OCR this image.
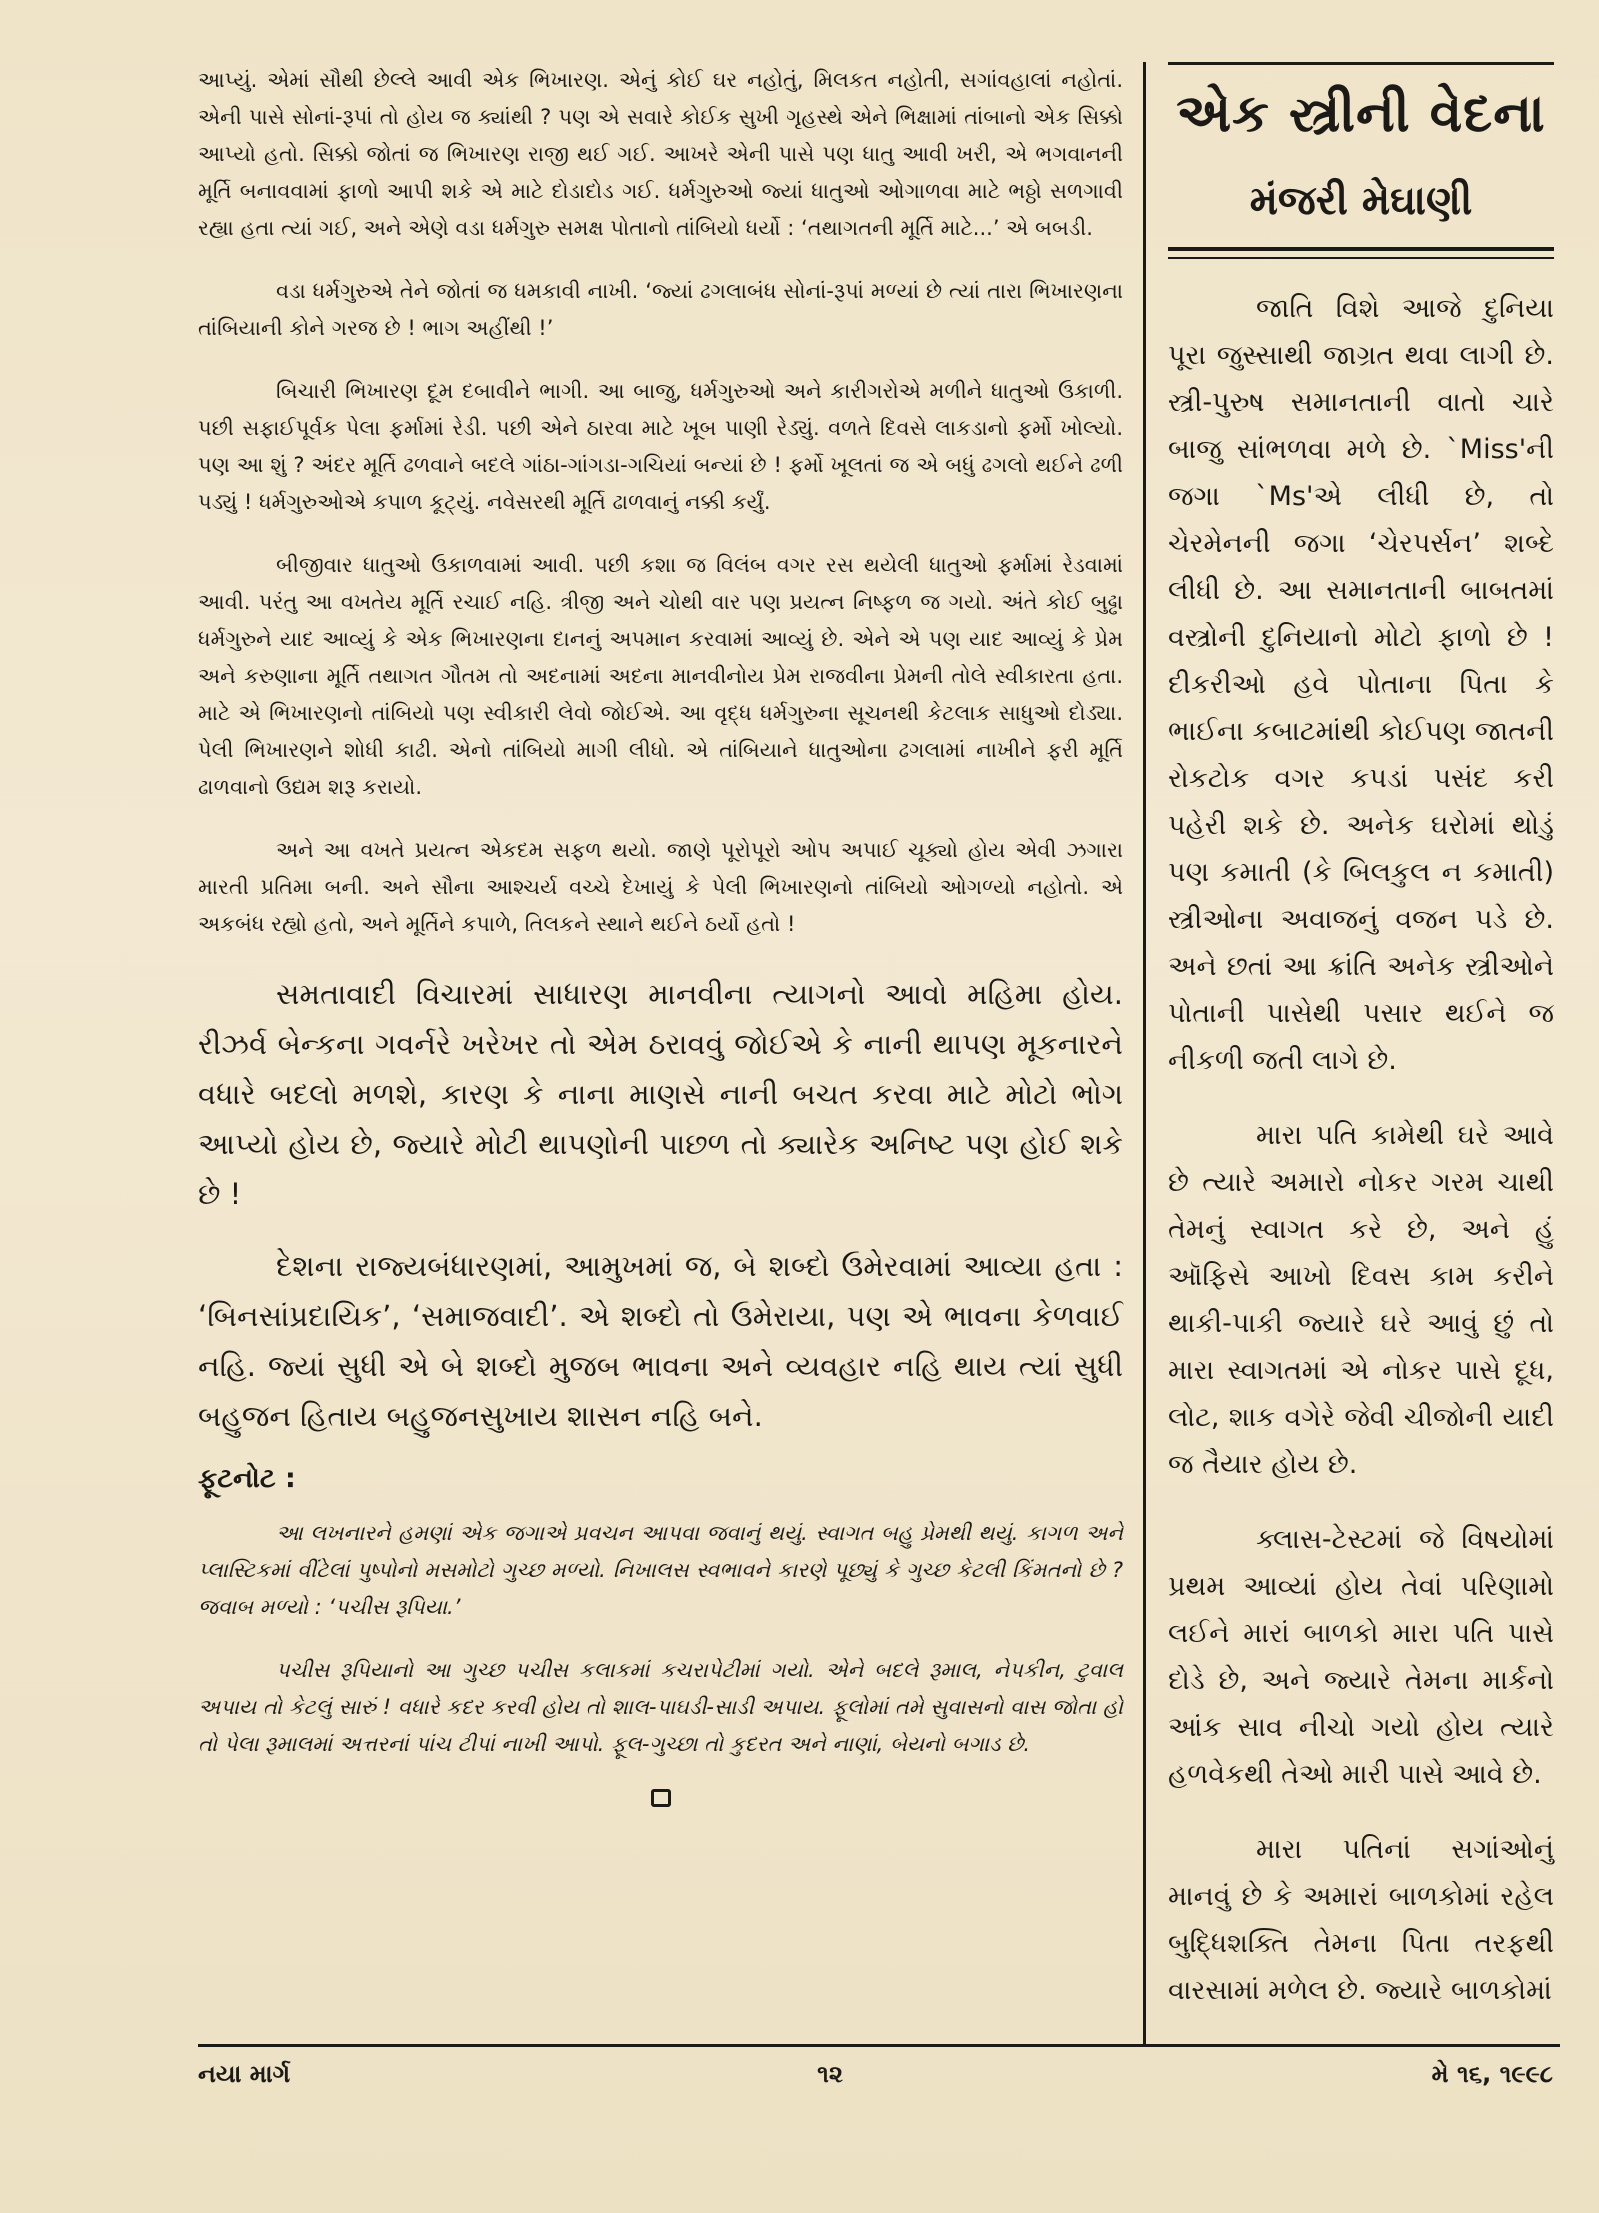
આપ્યું. એમાં સૌથી છેલ્લે આવી એક ભિખારણ. એનું કોઈ ઘર નહોતું, મિલકત નહોતી, સગાંવહાલાં નહોતાં. એની પાસે સોનાં-રૂપાં તો હોય જ ક્યાંથી ? પણ એ સવારે કોઈક સુખી ગૃહસ્થે એને ભિક્ષામાં તાંબાનો એક સિક્કો આપ્યો હતો. સિક્કો જોતાં જ ભિખારણ રાજી થઈ ગઈ. આખરે એની પાસે પણ ધાતુ આવી ખરી, એ ભગવાનની મૂર્તિ બનાવવામાં ફાળો આપી શકે એ માટે દોડાદોડ ગઈ. ધર્મગુરુઓ જ્યાં ધાતુઓ ઓગાળવા માટે ભઠ્ઠો સળગાવી રહ્યા હતા ત્યાં ગઈ, અને એણે વડા ધર્મગુરુ સમક્ષ પોતાનો તાંબિયો ધર્યો : ‘તથાગતની મૂર્તિ માટે...’ એ બબડી.

વડા ધર્મગુરુએ તેને જોતાં જ ધમકાવી નાખી. ‘જ્યાં ઢગલાબંધ સોનાં-રૂપાં મળ્યાં છે ત્યાં તારા ભિખારણના તાંબિયાની કોને ગરજ છે ! ભાગ અહીંથી !’

બિચારી ભિખારણ દૂમ દબાવીને ભાગી. આ બાજુ, ધર્મગુરુઓ અને કારીગરોએ મળીને ધાતુઓ ઉકાળી. પછી સફાઈપૂર્વક પેલા ફર્મામાં રેડી. પછી એને ઠારવા માટે ખૂબ પાણી રેડ્યું. વળતે દિવસે લાકડાનો ફર્મો ખોલ્યો. પણ આ શું ? અંદર મૂર્તિ ઢળવાને બદલે ગાંઠા-ગાંગડા-ગચિયાં બન્યાં છે ! ફર્મો ખૂલતાં જ એ બધું ઢગલો થઈને ઢળી પડ્યું ! ધર્મગુરુઓએ કપાળ કૂટ્યું. નવેસરથી મૂર્તિ ઢાળવાનું નક્કી કર્યું.

બીજીવાર ધાતુઓ ઉકાળવામાં આવી. પછી કશા જ વિલંબ વગર રસ થયેલી ધાતુઓ ફર્મામાં રેડવામાં આવી. પરંતુ આ વખતેય મૂર્તિ રચાઈ નહિ. ત્રીજી અને ચોથી વાર પણ પ્રયત્ન નિષ્ફળ જ ગયો. અંતે કોઈ બુઢ્ઢા ધર્મગુરુને યાદ આવ્યું કે એક ભિખારણના દાનનું અપમાન કરવામાં આવ્યું છે. એને એ પણ યાદ આવ્યું કે પ્રેમ અને કરુણાના મૂર્તિ તથાગત ગૌતમ તો અદનામાં અદના માનવીનોય પ્રેમ રાજવીના પ્રેમની તોલે સ્વીકારતા હતા. માટે એ ભિખારણનો તાંબિયો પણ સ્વીકારી લેવો જોઈએ. આ વૃદ્ધ ધર્મગુરુના સૂચનથી કેટલાક સાધુઓ દોડ્યા. પેલી ભિખારણને શોધી કાઢી. એનો તાંબિયો માગી લીધો. એ તાંબિયાને ધાતુઓના ઢગલામાં નાખીને ફરી મૂર્તિ ઢાળવાનો ઉદ્યમ શરૂ કરાયો.

અને આ વખતે પ્રયત્ન એકદમ સફળ થયો. જાણે પૂરોપૂરો ઓપ અપાઈ ચૂક્યો હોય એવી ઝગારા મારતી પ્રતિમા બની. અને સૌના આશ્ચર્ય વચ્ચે દેખાયું કે પેલી ભિખારણનો તાંબિયો ઓગળ્યો નહોતો. એ અકબંધ રહ્યો હતો, અને મૂર્તિને કપાળે, તિલકને સ્થાને થઈને ઠર્યો હતો !

સમતાવાદી વિચારમાં સાધારણ માનવીના ત્યાગનો આવો મહિમા હોય. રીઝર્વ બેન્કના ગવર્નરે ખરેખર તો એમ ઠરાવવું જોઈએ કે નાની થાપણ મૂકનારને વધારે બદલો મળશે, કારણ કે નાના માણસે નાની બચત કરવા માટે મોટો ભોગ આપ્યો હોય છે, જ્યારે મોટી થાપણોની પાછળ તો ક્યારેક અનિષ્ટ પણ હોઈ શકે છે !

દેશના રાજ્યબંધારણમાં, આમુખમાં જ, બે શબ્દો ઉમેરવામાં આવ્યા હતા : ‘બિનસાંપ્રદાયિક’, ‘સમાજવાદી’. એ શબ્દો તો ઉમેરાયા, પણ એ ભાવના કેળવાઈ નહિ. જ્યાં સુધી એ બે શબ્દો મુજબ ભાવના અને વ્યવહાર નહિ થાય ત્યાં સુધી બહુજન હિતાય બહુજનસુખાય શાસન નહિ બને.

ફૂટનોટ :

આ લખનારને હમણાં એક જગાએ પ્રવચન આપવા જવાનું થયું. સ્વાગત બહુ પ્રેમથી થયું. કાગળ અને પ્લાસ્ટિકમાં વીંટેલાં પુષ્પોનો મસમોટો ગુચ્છ મળ્યો. નિખાલસ સ્વભાવને કારણે પૂછ્યું કે ગુચ્છ કેટલી કિંમતનો છે ? જવાબ મળ્યો : ‘પચીસ રૂપિયા.’

પચીસ રૂપિયાનો આ ગુચ્છ પચીસ કલાકમાં કચરાપેટીમાં ગયો. એને બદલે રૂમાલ, નેપકીન, ટુવાલ અપાય તો કેટલું સારું ! વધારે કદર કરવી હોય તો શાલ-પાઘડી-સાડી અપાય. ફૂલોમાં તમે સુવાસનો વાસ જોતા હો તો પેલા રૂમાલમાં અત્તરનાં પાંચ ટીપાં નાખી આપો. ફૂલ-ગુચ્છા તો કુદરત અને નાણાં, બેયનો બગાડ છે.

એક સ્ત્રીની વેદના
મંજરી મેઘાણી

જાતિ વિશે આજે દુનિયા પૂરા જુસ્સાથી જાગ્રત થવા લાગી છે. સ્ત્રી-પુરુષ સમાનતાની વાતો ચારે બાજુ સાંભળવા મળે છે. `Miss'ની જગા `Ms'એ લીધી છે, તો ચેરમેનની જગા ‘ચેરપર્સન’ શબ્દે લીધી છે. આ સમાનતાની બાબતમાં વસ્ત્રોની દુનિયાનો મોટો ફાળો છે ! દીકરીઓ હવે પોતાના પિતા કે ભાઈના કબાટમાંથી કોઈપણ જાતની રોકટોક વગર કપડાં પસંદ કરી પહેરી શકે છે. અનેક ઘરોમાં થોડું પણ કમાતી (કે બિલકુલ ન કમાતી) સ્ત્રીઓના અવાજનું વજન પડે છે. અને છતાં આ ક્રાંતિ અનેક સ્ત્રીઓને પોતાની પાસેથી પસાર થઈને જ નીકળી જતી લાગે છે.

મારા પતિ કામેથી ઘરે આવે છે ત્યારે અમારો નોકર ગરમ ચાથી તેમનું સ્વાગત કરે છે, અને હું ઑફિસે આખો દિવસ કામ કરીને થાકી-પાકી જ્યારે ઘરે આવું છું તો મારા સ્વાગતમાં એ નોકર પાસે દૂધ, લોટ, શાક વગેરે જેવી ચીજોની યાદી જ તૈયાર હોય છે.

ક્લાસ-ટેસ્ટમાં જે વિષયોમાં પ્રથમ આવ્યાં હોય તેવાં પરિણામો લઈને મારાં બાળકો મારા પતિ પાસે દોડે છે, અને જ્યારે તેમના માર્કનો આંક સાવ નીચો ગયો હોય ત્યારે હળવેકથી તેઓ મારી પાસે આવે છે.

મારા પતિનાં સગાંઓનું માનવું છે કે અમારાં બાળકોમાં રહેલ બુદ્ધિશક્તિ તેમના પિતા તરફથી વારસામાં મળેલ છે. જ્યારે બાળકોમાં

નયા માર્ગ	૧૨	મે ૧૬, ૧૯૯૮
